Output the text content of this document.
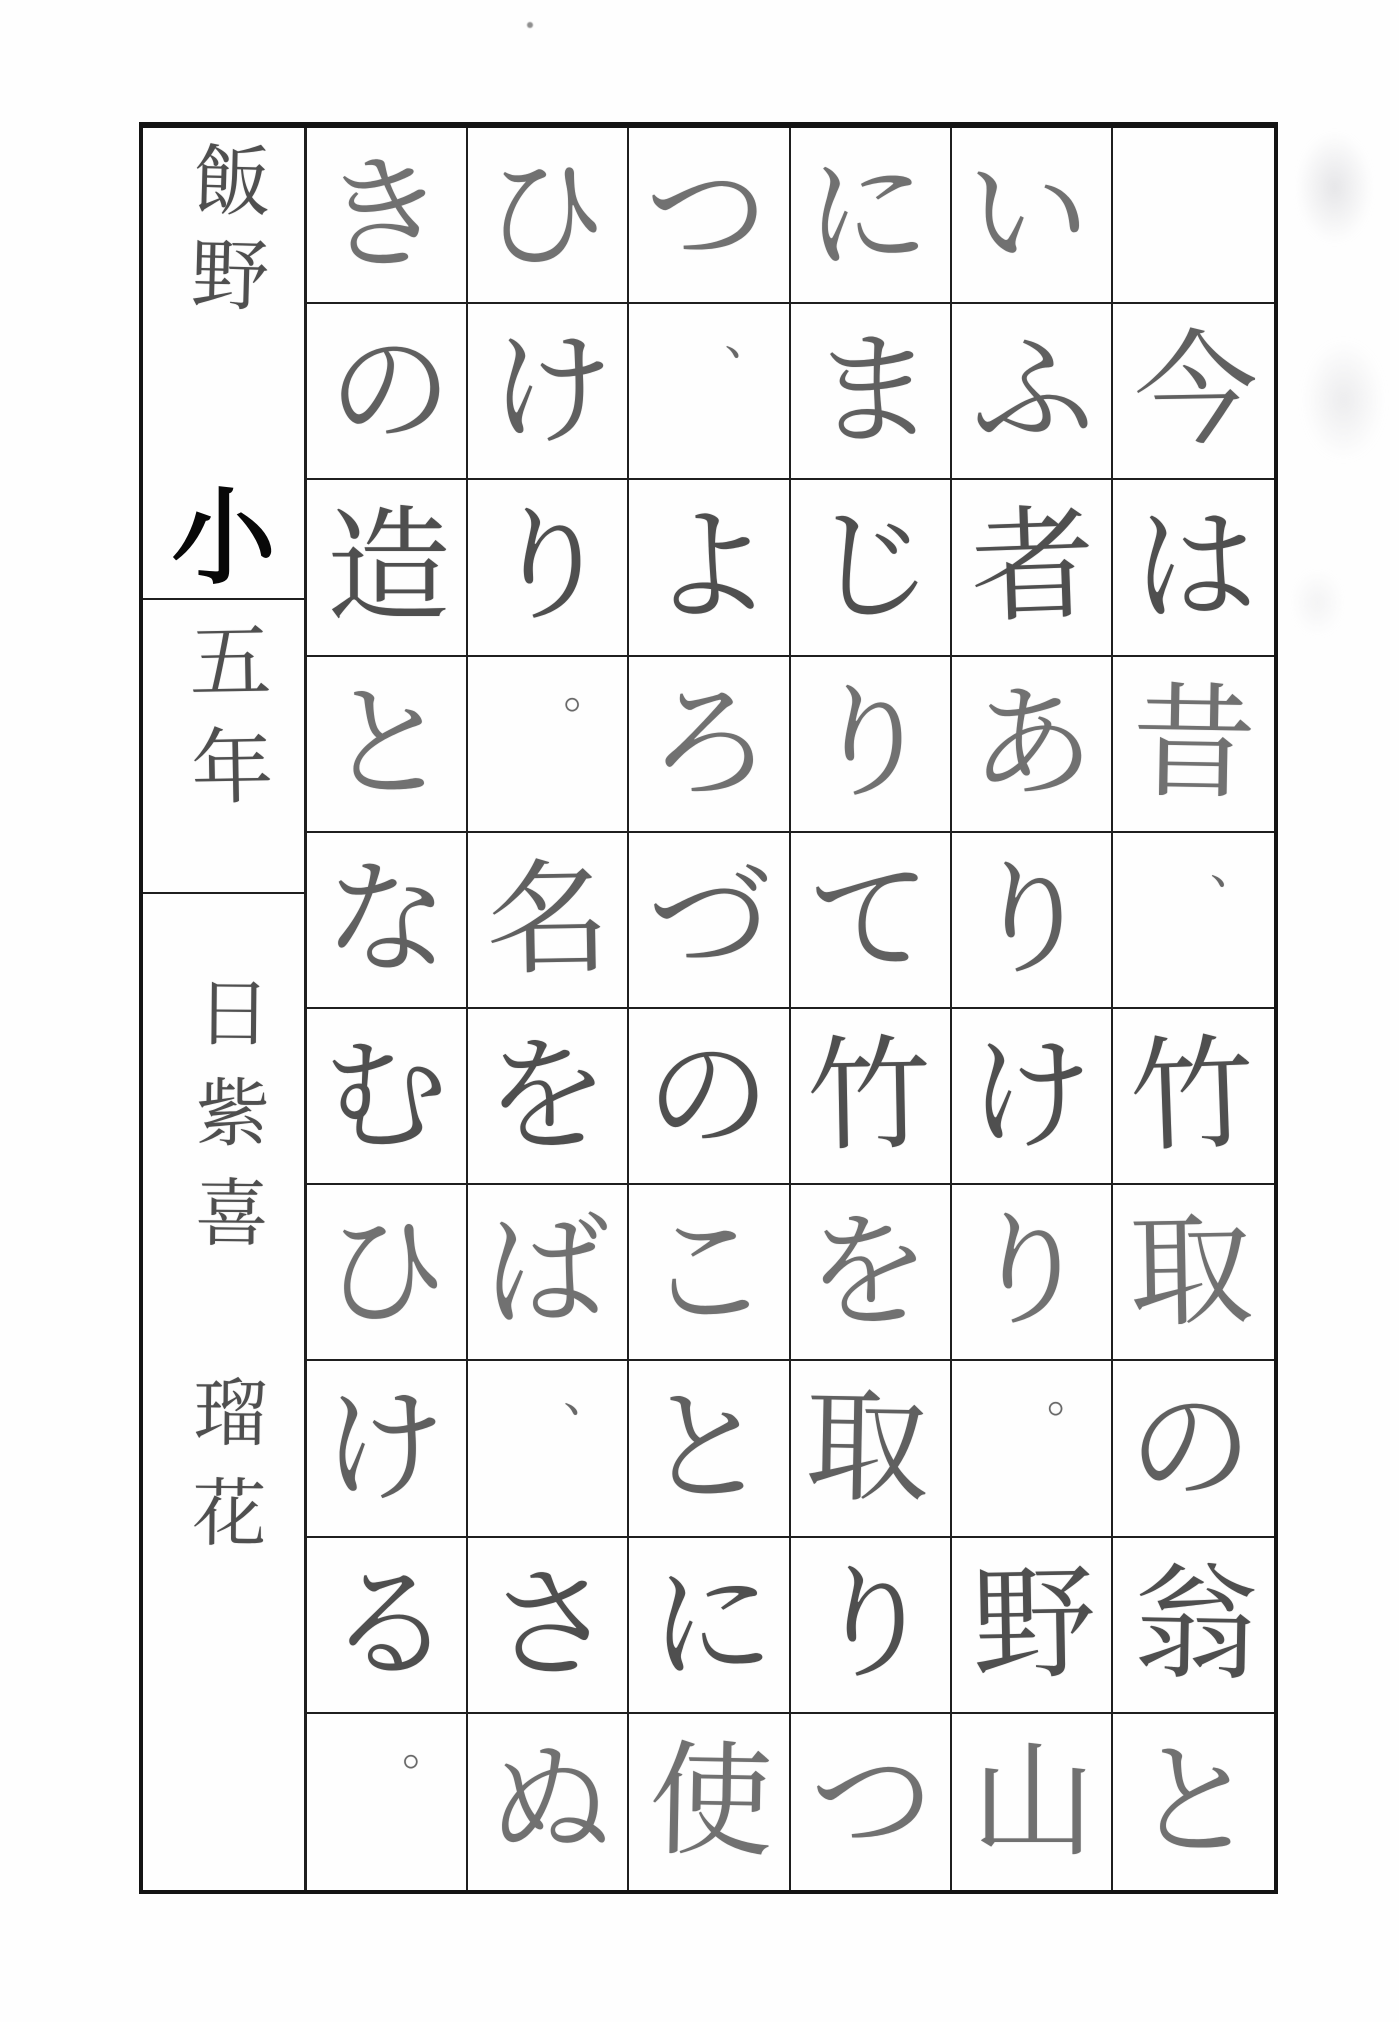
飯野
小
五年
日紫喜　瑠花
き ひ つ に い
の け 、 ま ふ 今
造 り よ じ 者 は
と 。 ろ り あ 昔
な 名 づ て り 、
む を の 竹 け 竹
ひ ば こ を り 取
け 、 と 取 。 の
る さ に り 野 翁
。 ぬ 使 つ 山 と
